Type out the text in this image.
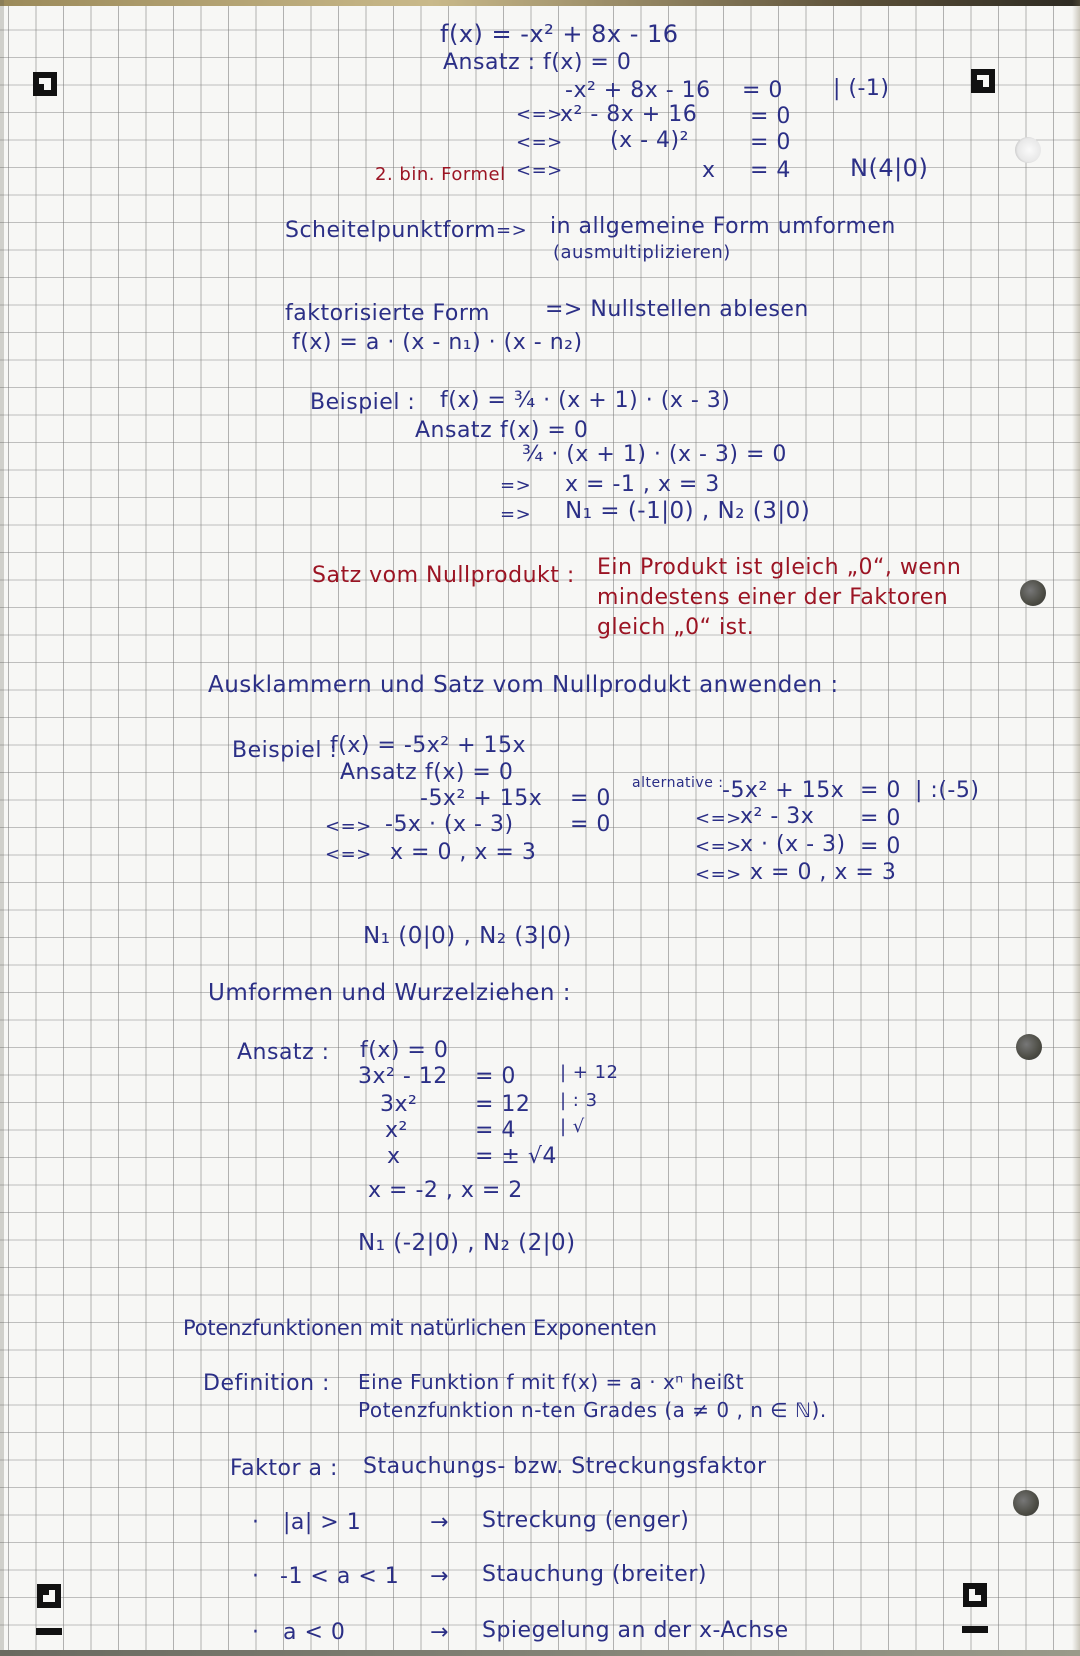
f(x) = -x² + 8x - 16
Ansatz : f(x) = 0
-x² + 8x - 16 = 0 | (-1)
<=>
x² - 8x + 16 = 0
<=> (x - 4)²	= 0
2. bin. Formel <=>	x = 4 N(4|0)
Scheitelpunktform => in allgemeine Form umformen
(ausmultiplizieren)
faktorisierte Form	=> Nullstellen ablesen
f(x) = a · (x - n₁) · (x - n₂)
Beispiel : f(x) = ¾ · (x + 1) · (x - 3)
Ansatz :
f(x) = 0
¾ · (x + 1) · (x - 3) = 0
=> x = -1 , x = 3
=> N₁ = (-1|0) , N₂ (3|0)
Satz vom Nullprodukt : Ein Produkt ist gleich „0“, wenn
mindestens einer der Faktoren
gleich „0“ ist.
Ausklammern und Satz vom Nullprodukt anwenden :
Beispiel :
f(x) = -5x² + 15x
Ansatz f(x) = 0
-5x² + 15x = 0
<=> -5x · (x - 3)	= 0
<=> x = 0 , x = 3
alternative :
-5x² + 15x = 0 | :(-5)
<=>
x² - 3x = 0
<=>
x · (x - 3) = 0
<=> x = 0 , x = 3
N₁ (0|0) , N₂ (3|0)
Umformen und Wurzelziehen :
Ansatz : f(x) = 0
3x² - 12 = 0 | + 12
3x²	= 12 | : 3
x²	= 4 | √
x	= ± √4
x = -2 , x = 2
N₁ (-2|0) , N₂ (2|0)
Potenzfunktionen mit natürlichen Exponenten
Definition : Eine Funktion f mit f(x) = a · xⁿ heißt
Potenzfunktion n-ten Grades (a ≠ 0 , n ∈ ℕ).
Faktor a : Stauchungs- bzw. Streckungsfaktor
· |a| > 1	→ Streckung (enger)
· -1 < a < 1 → Stauchung (breiter)
· a < 0	→ Spiegelung an der x-Achse
